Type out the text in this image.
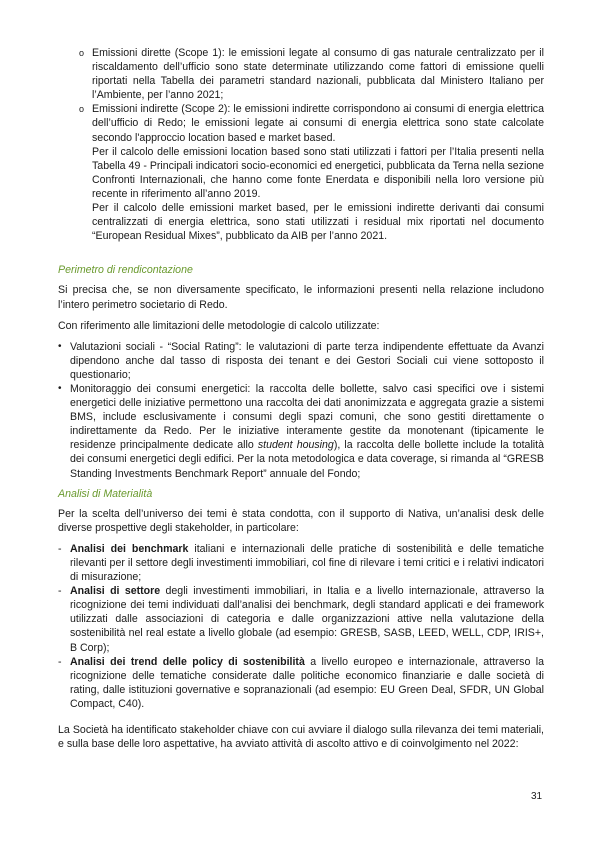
o Emissioni dirette (Scope 1): le emissioni legate al consumo di gas naturale centralizzato per il riscaldamento dell’ufficio sono state determinate utilizzando come fattori di emissione quelli riportati nella Tabella dei parametri standard nazionali, pubblicata dal Ministero Italiano per l’Ambiente, per l’anno 2021;
o Emissioni indirette (Scope 2): le emissioni indirette corrispondono ai consumi di energia elettrica dell’ufficio di Redo; le emissioni legate ai consumi di energia elettrica sono state calcolate secondo l'approccio location based e market based.
Per il calcolo delle emissioni location based sono stati utilizzati i fattori per l’Italia presenti nella Tabella 49 - Principali indicatori socio-economici ed energetici, pubblicata da Terna nella sezione Confronti Internazionali, che hanno come fonte Enerdata e disponibili nella loro versione più recente in riferimento all’anno 2019.
Per il calcolo delle emissioni market based, per le emissioni indirette derivanti dai consumi centralizzati di energia elettrica, sono stati utilizzati i residual mix riportati nel documento “European Residual Mixes”, pubblicato da AIB per l’anno 2021.
Perimetro di rendicontazione

Si precisa che, se non diversamente specificato, le informazioni presenti nella relazione includono l’intero perimetro societario di Redo.

Con riferimento alle limitazioni delle metodologie di calcolo utilizzate:

• Valutazioni sociali - “Social Rating”: le valutazioni di parte terza indipendente effettuate da Avanzi dipendono anche dal tasso di risposta dei tenant e dei Gestori Sociali cui viene sottoposto il questionario;
• Monitoraggio dei consumi energetici: la raccolta delle bollette, salvo casi specifici ove i sistemi energetici delle iniziative permettono una raccolta dei dati anonimizzata e aggregata grazie a sistemi BMS, include esclusivamente i consumi degli spazi comuni, che sono gestiti direttamente o indirettamente da Redo. Per le iniziative interamente gestite da monotenant (tipicamente le residenze principalmente dedicate allo student housing), la raccolta delle bollette include la totalità dei consumi energetici degli edifici. Per la nota metodologica e data coverage, si rimanda al “GRESB Standing Investments Benchmark Report” annuale del Fondo;
Analisi di Materialità

Per la scelta dell’universo dei temi è stata condotta, con il supporto di Nativa, un’analisi desk delle diverse prospettive degli stakeholder, in particolare:

- Analisi dei benchmark italiani e internazionali delle pratiche di sostenibilità e delle tematiche rilevanti per il settore degli investimenti immobiliari, col fine di rilevare i temi critici e i relativi indicatori di misurazione;
- Analisi di settore degli investimenti immobiliari, in Italia e a livello internazionale, attraverso la ricognizione dei temi individuati dall’analisi dei benchmark, degli standard applicati e dei framework utilizzati dalle associazioni di categoria e dalle organizzazioni attive nella valutazione della sostenibilità nel real estate a livello globale (ad esempio: GRESB, SASB, LEED, WELL, CDP, IRIS+, B Corp);
- Analisi dei trend delle policy di sostenibilità a livello europeo e internazionale, attraverso la ricognizione delle tematiche considerate dalle politiche economico finanziarie e dalle società di rating, dalle istituzioni governative e sopranazionali (ad esempio: EU Green Deal, SFDR, UN Global Compact, C40).

La Società ha identificato stakeholder chiave con cui avviare il dialogo sulla rilevanza dei temi materiali, e sulla base delle loro aspettative, ha avviato attività di ascolto attivo e di coinvolgimento nel 2022:

31
